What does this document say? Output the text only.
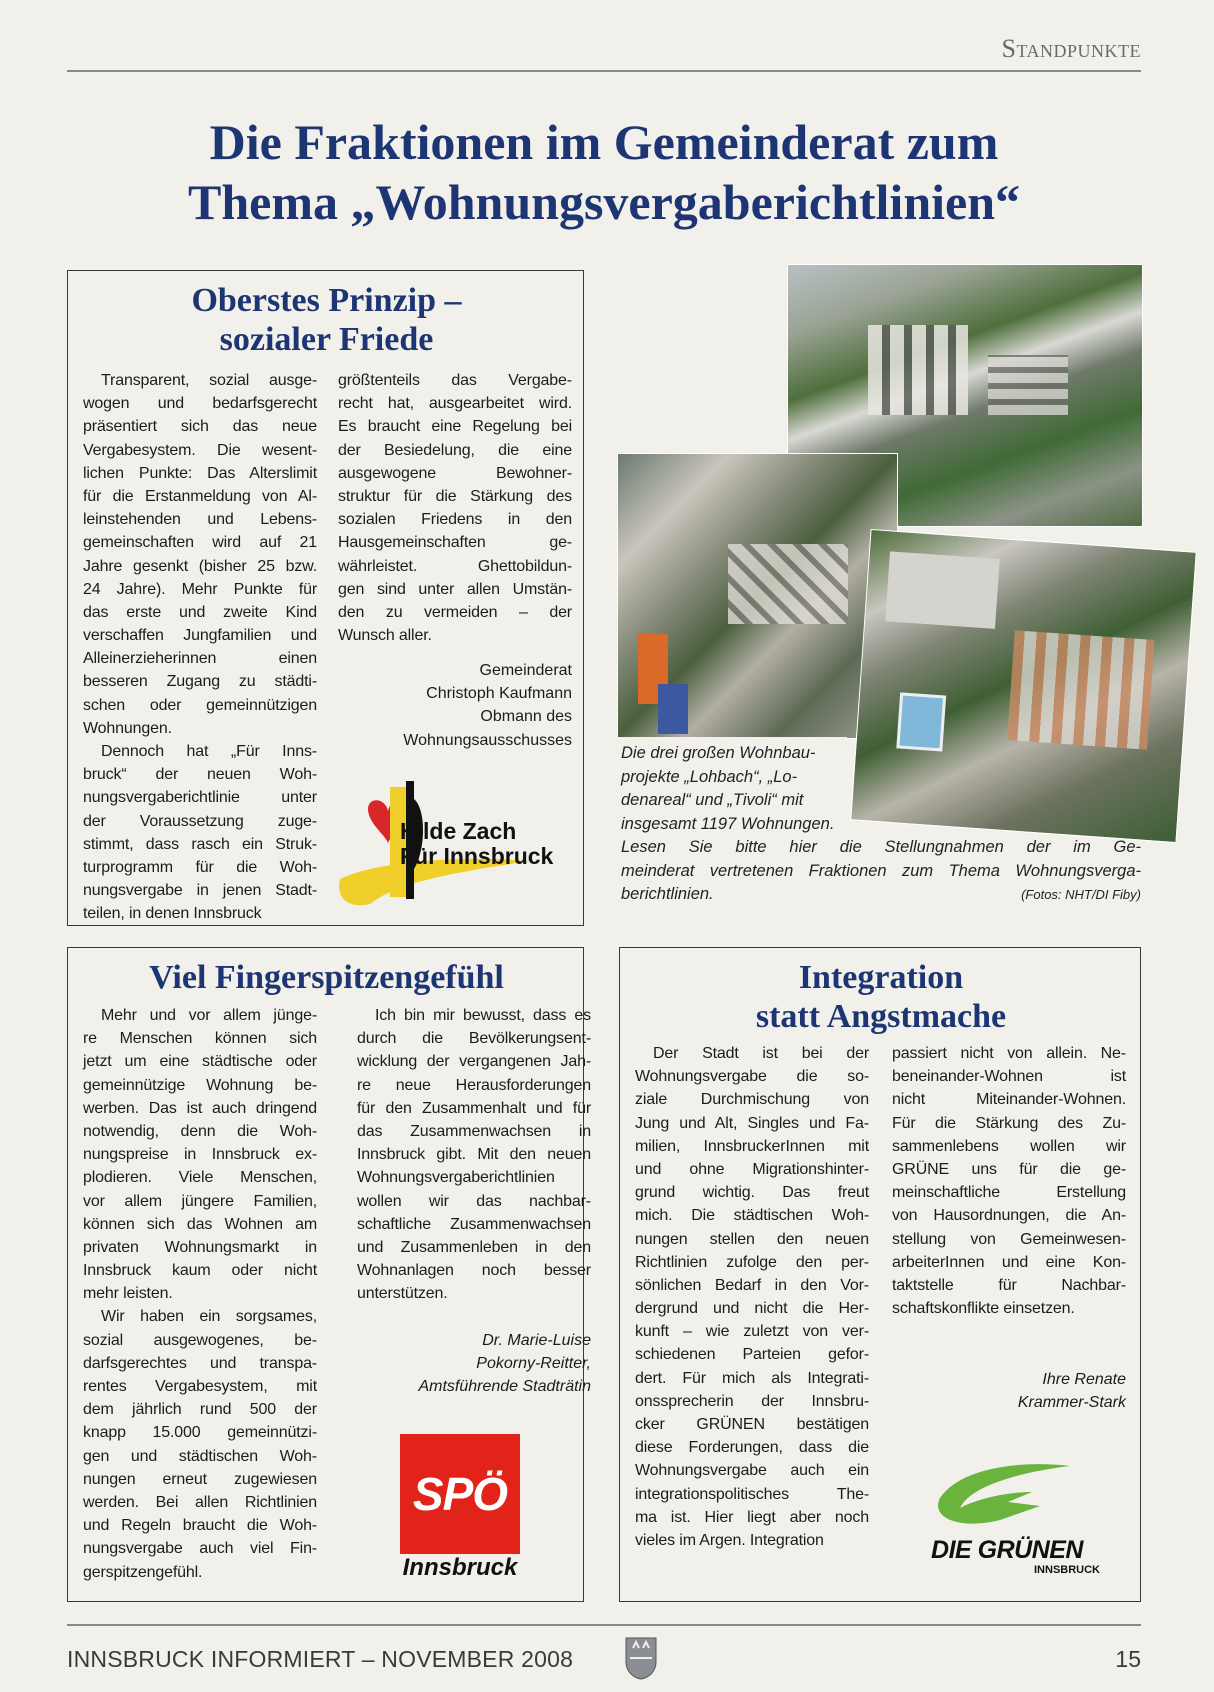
Standpunkte
Die Fraktionen im Gemeinderat zum
Thema „Wohnungsvergaberichtlinien“
Oberstes Prinzip –
sozialer Friede
Transparent, sozial ausge-
wogen und bedarfsgerecht
präsentiert sich das neue
Vergabesystem. Die wesent-
lichen Punkte: Das Alterslimit
für die Erstanmeldung von Al-
leinstehenden und Lebens-
gemeinschaften wird auf 21
Jahre gesenkt (bisher 25 bzw.
24 Jahre). Mehr Punkte für
das erste und zweite Kind
verschaffen Jungfamilien und
Alleinerzieherinnen einen
besseren Zugang zu städti-
schen oder gemeinnützigen
Wohnungen.
Dennoch hat „Für Inns-
bruck“ der neuen Woh-
nungsvergaberichtlinie unter
der Voraussetzung zuge-
stimmt, dass rasch ein Struk-
turprogramm für die Woh-
nungsvergabe in jenen Stadt-
teilen, in denen Innsbruck
größtenteils das Vergabe-
recht hat, ausgearbeitet wird.
Es braucht eine Regelung bei
der Besiedelung, die eine
ausgewogene Bewohner-
struktur für die Stärkung des
sozialen Friedens in den
Hausgemeinschaften ge-
währleistet. Ghettobildun-
gen sind unter allen Umstän-
den zu vermeiden – der
Wunsch aller.
Gemeinderat
Christoph Kaufmann
Obmann des
Wohnungsausschusses
Hilde Zach
Für Innsbruck
Die drei großen Wohnbau-
projekte „Lohbach“, „Lo-
denareal“ und „Tivoli“ mit
insgesamt 1197 Wohnungen.
Lesen Sie bitte hier die Stellungnahmen der im Ge-
meinderat vertretenen Fraktionen zum Thema Wohnungsverga-
berichtlinien.	(Fotos: NHT/DI Fiby)
Viel Fingerspitzengefühl
Mehr und vor allem jünge-
re Menschen können sich
jetzt um eine städtische oder
gemeinnützige Wohnung be-
werben. Das ist auch dringend
notwendig, denn die Woh-
nungspreise in Innsbruck ex-
plodieren. Viele Menschen,
vor allem jüngere Familien,
können sich das Wohnen am
privaten Wohnungsmarkt in
Innsbruck kaum oder nicht
mehr leisten.
Wir haben ein sorgsames,
sozial ausgewogenes, be-
darfsgerechtes und transpa-
rentes Vergabesystem, mit
dem jährlich rund 500 der
knapp 15.000 gemeinnützi-
gen und städtischen Woh-
nungen erneut zugewiesen
werden. Bei allen Richtlinien
und Regeln braucht die Woh-
nungsvergabe auch viel Fin-
gerspitzengefühl.
Ich bin mir bewusst, dass es
durch die Bevölkerungsent-
wicklung der vergangenen Jah-
re neue Herausforderungen
für den Zusammenhalt und für
das Zusammenwachsen in
Innsbruck gibt. Mit den neuen
Wohnungsvergaberichtlinien
wollen wir das nachbar-
schaftliche Zusammenwachsen
und Zusammenleben in den
Wohnanlagen noch besser
unterstützen.
Dr. Marie-Luise
Pokorny-Reitter,
Amtsführende Stadträtin
SPÖ
Innsbruck
Integration
statt Angstmache
Der Stadt ist bei der
Wohnungsvergabe die so-
ziale Durchmischung von
Jung und Alt, Singles und Fa-
milien, InnsbruckerInnen mit
und ohne Migrationshinter-
grund wichtig. Das freut
mich. Die städtischen Woh-
nungen stellen den neuen
Richtlinien zufolge den per-
sönlichen Bedarf in den Vor-
dergrund und nicht die Her-
kunft – wie zuletzt von ver-
schiedenen Parteien gefor-
dert. Für mich als Integrati-
onssprecherin der Innsbru-
cker GRÜNEN bestätigen
diese Forderungen, dass die
Wohnungsvergabe auch ein
integrationspolitisches The-
ma ist. Hier liegt aber noch
vieles im Argen. Integration
passiert nicht von allein. Ne-
beneinander-Wohnen ist
nicht Miteinander-Wohnen.
Für die Stärkung des Zu-
sammenlebens wollen wir
GRÜNE uns für die ge-
meinschaftliche Erstellung
von Hausordnungen, die An-
stellung von Gemeinwesen-
arbeiterInnen und eine Kon-
taktstelle für Nachbar-
schaftskonflikte einsetzen.
Ihre Renate
Krammer-Stark
DIE GRÜNEN
INNSBRUCK
INNSBRUCK INFORMIERT – NOVEMBER 2008	15
